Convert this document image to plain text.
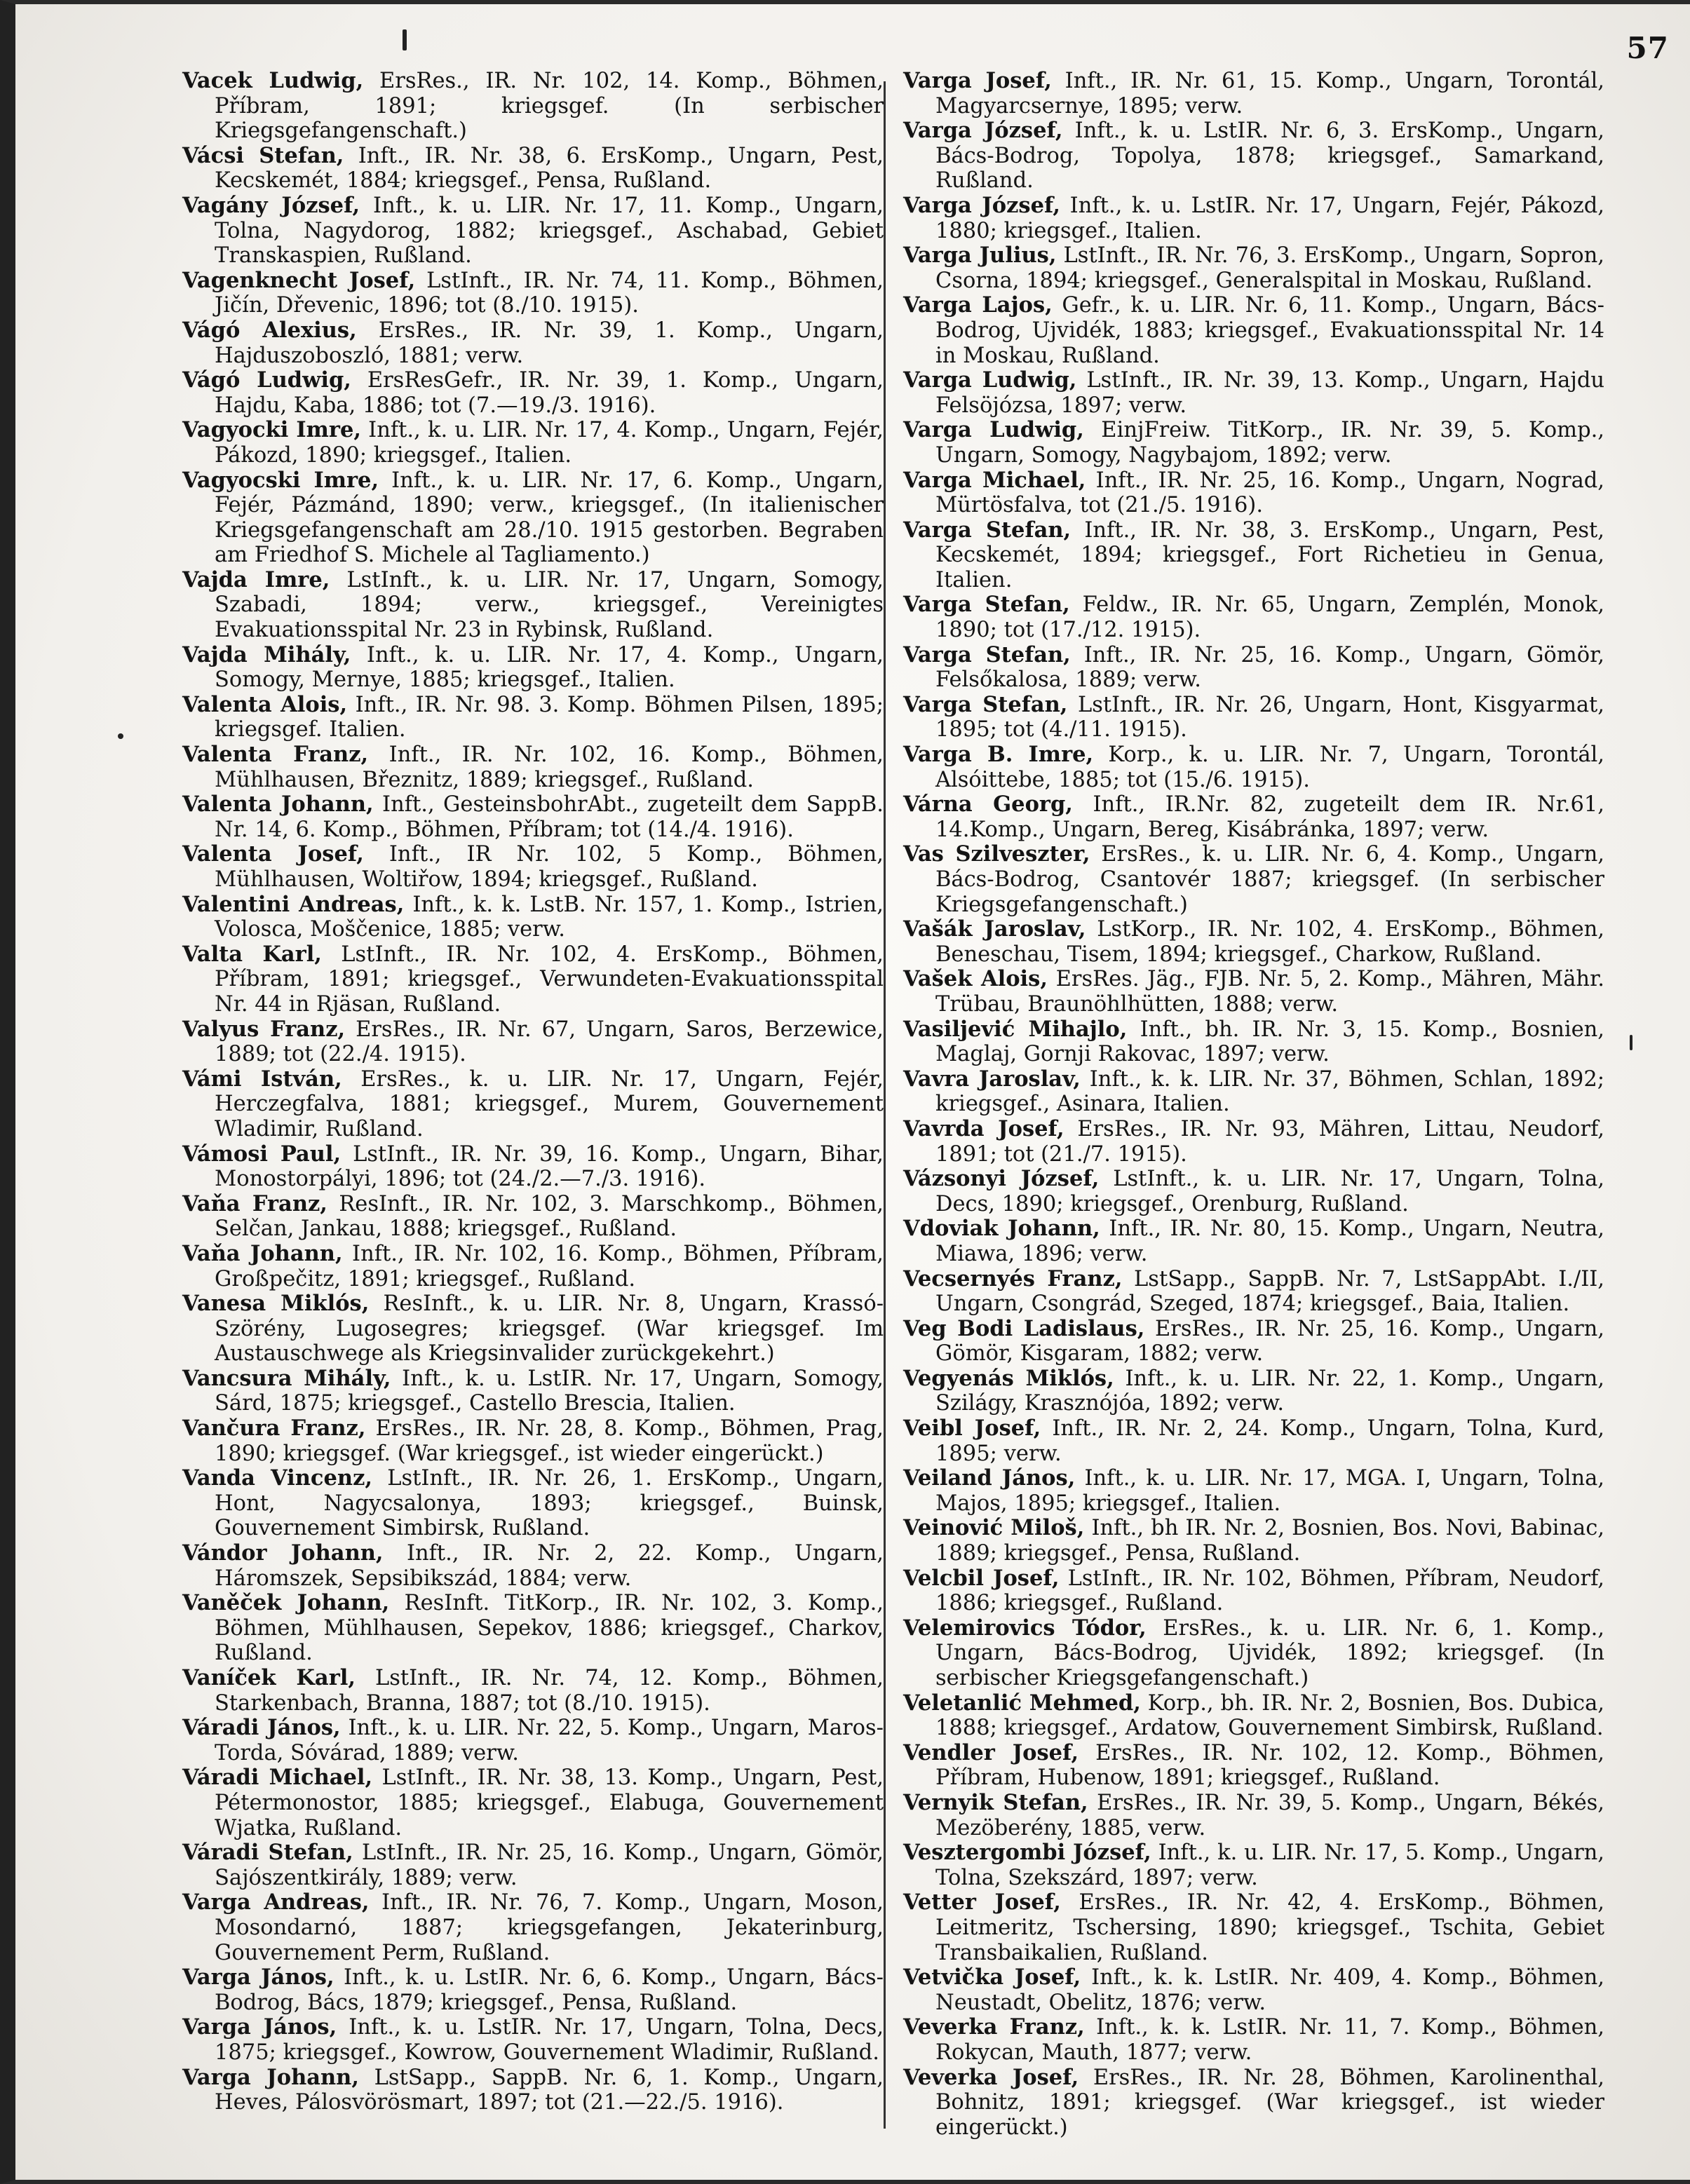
57

Vacek Ludwig, ErsRes., IR. Nr. 102, 14. Komp., Böhmen, Příbram, 1891; kriegsgef. (In serbischer Kriegsgefangenschaft.)

Vácsi Stefan, Inft., IR. Nr. 38, 6. ErsKomp., Ungarn, Pest, Kecskemét, 1884; kriegsgef., Pensa, Rußland.

Vagány József, Inft., k. u. LIR. Nr. 17, 11. Komp., Ungarn, Tolna, Nagydorog, 1882; kriegsgef., Aschabad, Gebiet Transkaspien, Rußland.

Vagenknecht Josef, LstInft., IR. Nr. 74, 11. Komp., Böhmen, Jičín, Dřevenic, 1896; tot (8./10. 1915).

Vágó Alexius, ErsRes., IR. Nr. 39, 1. Komp., Ungarn, Hajduszoboszló, 1881; verw.

Vágó Ludwig, ErsResGefr., IR. Nr. 39, 1. Komp., Ungarn, Hajdu, Kaba, 1886; tot (7.—19./3. 1916).

Vagyocki Imre, Inft., k. u. LIR. Nr. 17, 4. Komp., Ungarn, Fejér, Pákozd, 1890; kriegsgef., Italien.

Vagyocski Imre, Inft., k. u. LIR. Nr. 17, 6. Komp., Ungarn, Fejér, Pázmánd, 1890; verw., kriegsgef., (In italienischer Kriegsgefangenschaft am 28./10. 1915 gestorben. Begraben am Friedhof S. Michele al Tagliamento.)

Vajda Imre, LstInft., k. u. LIR. Nr. 17, Ungarn, Somogy, Szabadi, 1894; verw., kriegsgef., Vereinigtes Evakuationsspital Nr. 23 in Rybinsk, Rußland.

Vajda Mihály, Inft., k. u. LIR. Nr. 17, 4. Komp., Ungarn, Somogy, Mernye, 1885; kriegsgef., Italien.

Valenta Alois, Inft., IR. Nr. 98. 3. Komp. Böhmen Pilsen, 1895; kriegsgef. Italien.

Valenta Franz, Inft., IR. Nr. 102, 16. Komp., Böhmen, Mühlhausen, Březnitz, 1889; kriegsgef., Rußland.

Valenta Johann, Inft., GesteinsbohrAbt., zugeteilt dem SappB. Nr. 14, 6. Komp., Böhmen, Příbram; tot (14./4. 1916).

Valenta Josef, Inft., IR Nr. 102, 5 Komp., Böhmen, Mühlhausen, Woltiřow, 1894; kriegsgef., Rußland.

Valentini Andreas, Inft., k. k. LstB. Nr. 157, 1. Komp., Istrien, Volosca, Moščenice, 1885; verw.

Valta Karl, LstInft., IR. Nr. 102, 4. ErsKomp., Böhmen, Příbram, 1891; kriegsgef., Verwundeten-Evakuationsspital Nr. 44 in Rjäsan, Rußland.

Valyus Franz, ErsRes., IR. Nr. 67, Ungarn, Saros, Berzewice, 1889; tot (22./4. 1915).

Vámi István, ErsRes., k. u. LIR. Nr. 17, Ungarn, Fejér, Herczegfalva, 1881; kriegsgef., Murem, Gouvernement Wladimir, Rußland.

Vámosi Paul, LstInft., IR. Nr. 39, 16. Komp., Ungarn, Bihar, Monostorpályi, 1896; tot (24./2.—7./3. 1916).

Vaňa Franz, ResInft., IR. Nr. 102, 3. Marschkomp., Böhmen, Selčan, Jankau, 1888; kriegsgef., Rußland.

Vaňa Johann, Inft., IR. Nr. 102, 16. Komp., Böhmen, Příbram, Großpečitz, 1891; kriegsgef., Rußland.

Vanesa Miklós, ResInft., k. u. LIR. Nr. 8, Ungarn, Krassó-Szörény, Lugosegres; kriegsgef. (War kriegsgef. Im Austauschwege als Kriegsinvalider zurückgekehrt.)

Vancsura Mihály, Inft., k. u. LstIR. Nr. 17, Ungarn, Somogy, Sárd, 1875; kriegsgef., Castello Brescia, Italien.

Vančura Franz, ErsRes., IR. Nr. 28, 8. Komp., Böhmen, Prag, 1890; kriegsgef. (War kriegsgef., ist wieder eingerückt.)

Vanda Vincenz, LstInft., IR. Nr. 26, 1. ErsKomp., Ungarn, Hont, Nagycsalonya, 1893; kriegsgef., Buinsk, Gouvernement Simbirsk, Rußland.

Vándor Johann, Inft., IR. Nr. 2, 22. Komp., Ungarn, Háromszek, Sepsibikszád, 1884; verw.

Vaněček Johann, ResInft. TitKorp., IR. Nr. 102, 3. Komp., Böhmen, Mühlhausen, Sepekov, 1886; kriegsgef., Charkov, Rußland.

Vaníček Karl, LstInft., IR. Nr. 74, 12. Komp., Böhmen, Starkenbach, Branna, 1887; tot (8./10. 1915).

Váradi János, Inft., k. u. LIR. Nr. 22, 5. Komp., Ungarn, Maros-Torda, Sóvárad, 1889; verw.

Váradi Michael, LstInft., IR. Nr. 38, 13. Komp., Ungarn, Pest, Pétermonostor, 1885; kriegsgef., Elabuga, Gouvernement Wjatka, Rußland.

Váradi Stefan, LstInft., IR. Nr. 25, 16. Komp., Ungarn, Gömör, Sajószentkirály, 1889; verw.

Varga Andreas, Inft., IR. Nr. 76, 7. Komp., Ungarn, Moson, Mosondarnó, 1887; kriegsgefangen, Jekaterinburg, Gouvernement Perm, Rußland.

Varga János, Inft., k. u. LstIR. Nr. 6, 6. Komp., Ungarn, Bács-Bodrog, Bács, 1879; kriegsgef., Pensa, Rußland.

Varga János, Inft., k. u. LstIR. Nr. 17, Ungarn, Tolna, Decs, 1875; kriegsgef., Kowrow, Gouvernement Wladimir, Rußland.

Varga Johann, LstSapp., SappB. Nr. 6, 1. Komp., Ungarn, Heves, Pálosvörösmart, 1897; tot (21.—22./5. 1916).

Varga Josef, Inft., IR. Nr. 61, 15. Komp., Ungarn, Torontál, Magyarcsernye, 1895; verw.

Varga József, Inft., k. u. LstIR. Nr. 6, 3. ErsKomp., Ungarn, Bács-Bodrog, Topolya, 1878; kriegsgef., Samarkand, Rußland.

Varga József, Inft., k. u. LstIR. Nr. 17, Ungarn, Fejér, Pákozd, 1880; kriegsgef., Italien.

Varga Julius, LstInft., IR. Nr. 76, 3. ErsKomp., Ungarn, Sopron, Csorna, 1894; kriegsgef., Generalspital in Moskau, Rußland.

Varga Lajos, Gefr., k. u. LIR. Nr. 6, 11. Komp., Ungarn, Bács-Bodrog, Ujvidék, 1883; kriegsgef., Evakuationsspital Nr. 14 in Moskau, Rußland.

Varga Ludwig, LstInft., IR. Nr. 39, 13. Komp., Ungarn, Hajdu Felsöjózsa, 1897; verw.

Varga Ludwig, EinjFreiw. TitKorp., IR. Nr. 39, 5. Komp., Ungarn, Somogy, Nagybajom, 1892; verw.

Varga Michael, Inft., IR. Nr. 25, 16. Komp., Ungarn, Nograd, Mürtösfalva, tot (21./5. 1916).

Varga Stefan, Inft., IR. Nr. 38, 3. ErsKomp., Ungarn, Pest, Kecskemét, 1894; kriegsgef., Fort Richetieu in Genua, Italien.

Varga Stefan, Feldw., IR. Nr. 65, Ungarn, Zemplén, Monok, 1890; tot (17./12. 1915).

Varga Stefan, Inft., IR. Nr. 25, 16. Komp., Ungarn, Gömör, Felsőkalosa, 1889; verw.

Varga Stefan, LstInft., IR. Nr. 26, Ungarn, Hont, Kisgyarmat, 1895; tot (4./11. 1915).

Varga B. Imre, Korp., k. u. LIR. Nr. 7, Ungarn, Torontál, Alsóittebe, 1885; tot (15./6. 1915).

Várna Georg, Inft., IR.Nr. 82, zugeteilt dem IR. Nr.61, 14.Komp., Ungarn, Bereg, Kisábránka, 1897; verw.

Vas Szilveszter, ErsRes., k. u. LIR. Nr. 6, 4. Komp., Ungarn, Bács-Bodrog, Csantovér 1887; kriegsgef. (In serbischer Kriegsgefangenschaft.)

Vašák Jaroslav, LstKorp., IR. Nr. 102, 4. ErsKomp., Böhmen, Beneschau, Tisem, 1894; kriegsgef., Charkow, Rußland.

Vašek Alois, ErsRes. Jäg., FJB. Nr. 5, 2. Komp., Mähren, Mähr. Trübau, Braunöhlhütten, 1888; verw.

Vasiljević Mihajlo, Inft., bh. IR. Nr. 3, 15. Komp., Bosnien, Maglaj, Gornji Rakovac, 1897; verw.

Vavra Jaroslav, Inft., k. k. LIR. Nr. 37, Böhmen, Schlan, 1892; kriegsgef., Asinara, Italien.

Vavrda Josef, ErsRes., IR. Nr. 93, Mähren, Littau, Neudorf, 1891; tot (21./7. 1915).

Vázsonyi József, LstInft., k. u. LIR. Nr. 17, Ungarn, Tolna, Decs, 1890; kriegsgef., Orenburg, Rußland.

Vdoviak Johann, Inft., IR. Nr. 80, 15. Komp., Ungarn, Neutra, Miawa, 1896; verw.

Vecsernyés Franz, LstSapp., SappB. Nr. 7, LstSappAbt. I./II, Ungarn, Csongrád, Szeged, 1874; kriegsgef., Baia, Italien.

Veg Bodi Ladislaus, ErsRes., IR. Nr. 25, 16. Komp., Ungarn, Gömör, Kisgaram, 1882; verw.

Vegyenás Miklós, Inft., k. u. LIR. Nr. 22, 1. Komp., Ungarn, Szilágy, Krasznójóa, 1892; verw.

Veibl Josef, Inft., IR. Nr. 2, 24. Komp., Ungarn, Tolna, Kurd, 1895; verw.

Veiland János, Inft., k. u. LIR. Nr. 17, MGA. I, Ungarn, Tolna, Majos, 1895; kriegsgef., Italien.

Veinović Miloš, Inft., bh IR. Nr. 2, Bosnien, Bos. Novi, Babinac, 1889; kriegsgef., Pensa, Rußland.

Velcbil Josef, LstInft., IR. Nr. 102, Böhmen, Příbram, Neudorf, 1886; kriegsgef., Rußland.

Velemirovics Tódor, ErsRes., k. u. LIR. Nr. 6, 1. Komp., Ungarn, Bács-Bodrog, Ujvidék, 1892; kriegsgef. (In serbischer Kriegsgefangenschaft.)

Veletanlić Mehmed, Korp., bh. IR. Nr. 2, Bosnien, Bos. Dubica, 1888; kriegsgef., Ardatow, Gouvernement Simbirsk, Rußland.

Vendler Josef, ErsRes., IR. Nr. 102, 12. Komp., Böhmen, Příbram, Hubenow, 1891; kriegsgef., Rußland.

Vernyik Stefan, ErsRes., IR. Nr. 39, 5. Komp., Ungarn, Békés, Mezöberény, 1885, verw.

Vesztergombi József, Inft., k. u. LIR. Nr. 17, 5. Komp., Ungarn, Tolna, Szekszárd, 1897; verw.

Vetter Josef, ErsRes., IR. Nr. 42, 4. ErsKomp., Böhmen, Leitmeritz, Tschersing, 1890; kriegsgef., Tschita, Gebiet Transbaikalien, Rußland.

Vetvička Josef, Inft., k. k. LstIR. Nr. 409, 4. Komp., Böhmen, Neustadt, Obelitz, 1876; verw.

Veverka Franz, Inft., k. k. LstIR. Nr. 11, 7. Komp., Böhmen, Rokycan, Mauth, 1877; verw.

Veverka Josef, ErsRes., IR. Nr. 28, Böhmen, Karolinenthal, Bohnitz, 1891; kriegsgef. (War kriegsgef., ist wieder eingerückt.)
